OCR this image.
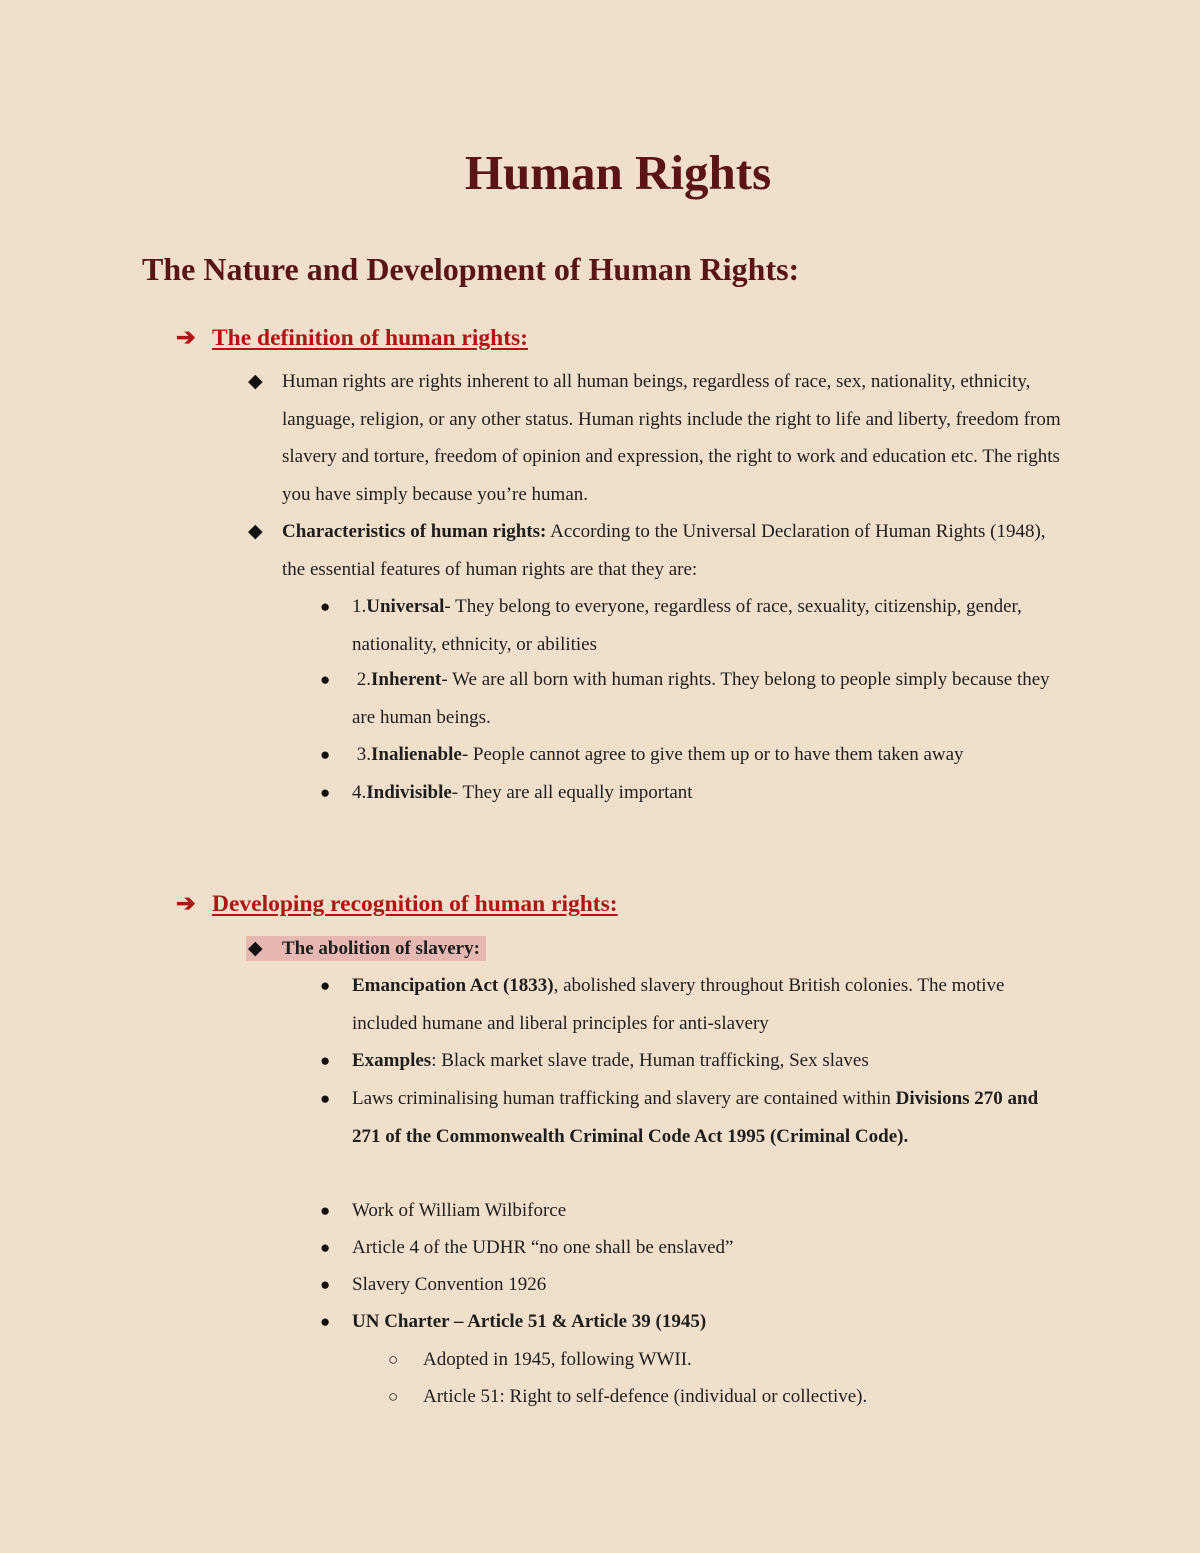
Human Rights
The Nature and Development of Human Rights:
➔ The definition of human rights:
◆ Human rights are rights inherent to all human beings, regardless of race, sex, nationality, ethnicity, language, religion, or any other status. Human rights include the right to life and liberty, freedom from slavery and torture, freedom of opinion and expression, the right to work and education etc. The rights you have simply because you’re human.
◆ Characteristics of human rights: According to the Universal Declaration of Human Rights (1948), the essential features of human rights are that they are:
● 1.Universal- They belong to everyone, regardless of race, sexuality, citizenship, gender, nationality, ethnicity, or abilities
● 2.Inherent- We are all born with human rights. They belong to people simply because they are human beings.
● 3.Inalienable- People cannot agree to give them up or to have them taken away
● 4.Indivisible- They are all equally important
➔ Developing recognition of human rights:
◆ The abolition of slavery:
● Emancipation Act (1833), abolished slavery throughout British colonies. The motive included humane and liberal principles for anti-slavery
● Examples: Black market slave trade, Human trafficking, Sex slaves
● Laws criminalising human trafficking and slavery are contained within Divisions 270 and 271 of the Commonwealth Criminal Code Act 1995 (Criminal Code).
● Work of William Wilbiforce
● Article 4 of the UDHR “no one shall be enslaved”
● Slavery Convention 1926
● UN Charter – Article 51 & Article 39 (1945)
○ Adopted in 1945, following WWII.
○ Article 51: Right to self-defence (individual or collective).
